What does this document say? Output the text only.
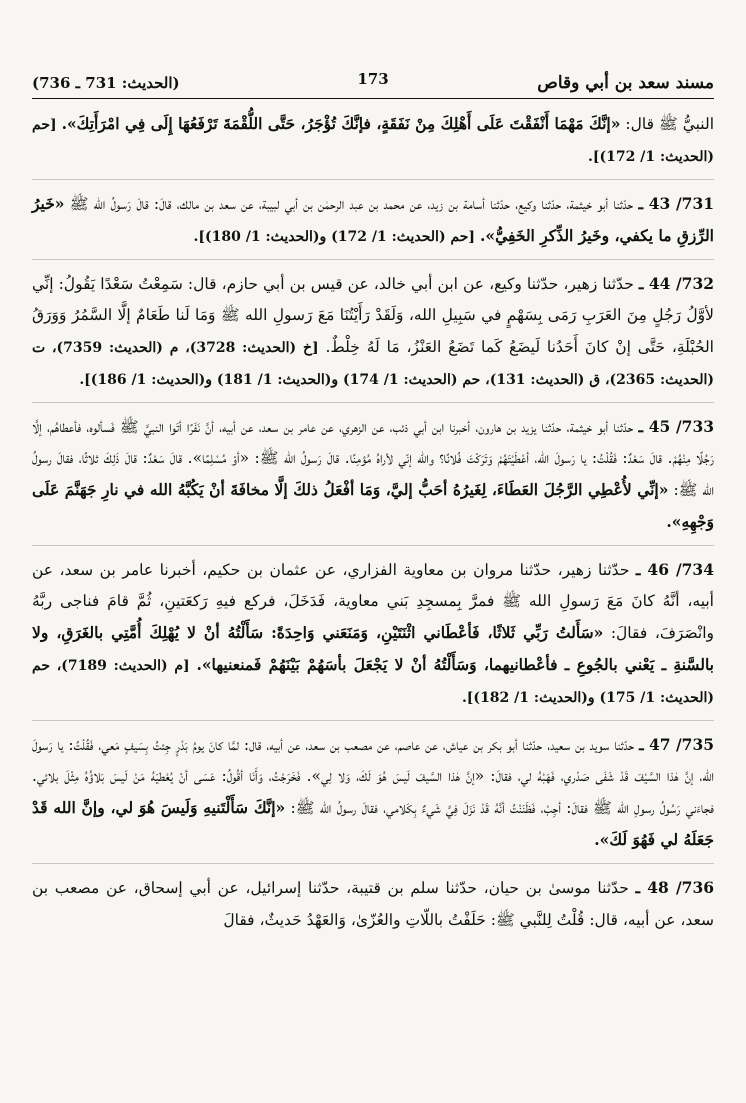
مسند سعد بن أبي وقاص
173
(الحديث: 731 ـ 736)

النبيُّ ﷺ قال: «إنَّكَ مَهْمَا أَنْفَقْتَ عَلَى أَهْلِكَ مِنْ نَفَقَةٍ، فإنَّكَ تُؤْجَرُ، حَتَّى اللُّقْمَةَ تَرْفَعُهَا إِلَى فِي امْرَأَتِكَ». [حم (الحديث: 1/ 172)].

731/ 43 ـ حدّثنا أبو خيثمة، حدّثنا وكيع، حدّثنا أسامة بن زيد، عن محمد بن عبد الرحمٰن بن أبي لبيبة، عن سعد بن مالك، قالَ: قالَ رَسولُ الله ﷺ «خَيرُ الرِّزقِ ما يكفي، وخَيرُ الذِّكرِ الخَفِيُّ». [حم (الحديث: 1/ 172) و(الحديث: 1/ 180)].

732/ 44 ـ حدّثنا زهير، حدّثنا وكيع، عن ابن أبي خالد، عن قيس بن أبي حازم، قال: سَمِعْتُ سَعْدًا يَقُولُ: إنِّي لأوَّلُ رَجُلٍ مِنَ العَرَبِ رَمَى بِسَهْمٍ في سَبِيلِ الله، وَلَقَدْ رَأَيْتُنَا مَعَ رَسولِ الله ﷺ وَمَا لَنا طَعَامٌ إلَّا السَّمُرُ وَوَرَقُ الحُبْلَةِ، حَتَّى إنْ كانَ أَحَدُنا لَيضَعُ كَما تَضَعُ العَنْزُ، مَا لَهُ خِلْطٌ. [خ (الحديث: 3728)، م (الحديث: 7359)، ت (الحديث: 2365)، ق (الحديث: 131)، حم (الحديث: 1/ 174) و(الحديث: 1/ 181) و(الحديث: 1/ 186)].

733/ 45 ـ حدّثنا أبو خيثمة، حدّثنا يزيد بن هارون، أخبرنا ابن أبي ذئب، عن الزهري، عن عامر بن سعد، عن أبيه، أنَّ نَفَرًا أتَوا النبيَّ ﷺ فَسألوه، فأعطاهُم، إلَّا رَجُلًا مِنْهُمْ. قالَ سَعْدٌ: فَقُلْتُ: يا رَسولَ الله، أعْطَيْتَهُمْ وَتَرَكْتَ فُلانًا؟ والله إنّي لأراهُ مُؤمِنًا. قالَ رَسولُ الله ﷺ: «أوْ مُسْلِمًا». قالَ سَعْدٌ: قالَ ذَلِكَ ثلاثًا، فقالَ رسولُ الله ﷺ: «إنِّي لأُعْطِي الرَّجُلَ العَطَاءَ، لِغَيرُهُ أحَبُّ إليَّ، وَمَا أفْعَلُ ذلكَ إلَّا مخافَةَ أنْ يَكُبَّهُ الله في نارِ جَهَنَّمَ عَلَى وَجْهِهِ».

734/ 46 ـ حدّثنا زهير، حدّثنا مروان بن معاوية الفزاري، عن عثمان بن حكيم، أخبرنا عامر بن سعد، عن أبيه، أنَّهُ كانَ مَعَ رَسولِ الله ﷺ فمرَّ بِمسجِدِ بَني معاوية، فَدَخَلَ، فركع فيهِ رَكعَتينِ، ثُمَّ قامَ فناجى ربَّهُ وانْصَرَفَ، فقالَ: «سَأَلتُ رَبِّي ثَلاثًا، فَأعْطَاني اثْنَتَيْنِ، وَمَنَعَني وَاحِدَةً: سَأَلْتُهُ أنْ لا يُهْلِكَ أُمَّتِي بالغَرَقِ، ولا بالسَّنةِ ـ يَعْني بالجُوعِ ـ فأعْطانيهما، وَسَأَلْتُهُ أنْ لا يَجْعَلَ بأسَهُمْ بَيْنَهُمْ فَمنعنيها». [م (الحديث: 7189)، حم (الحديث: 1/ 175) و(الحديث: 1/ 182)].

735/ 47 ـ حدّثنا سويد بن سعيد، حدّثنا أبو بكر بن عياش، عن عاصم، عن مصعب بن سعد، عن أبيه، قال: لمَّا كانَ يومُ بَدْرٍ جِئتُ بِسَيفٍ مَعي، فَقُلْتُ: يا رَسولَ الله، إنَّ هٰذا السَّيْفَ قَدْ شَفَى صَدْري، فَهَبْهُ لي، فقالَ: «إنَّ هٰذا السَّيفَ لَيسَ هُوَ لَكَ، وَلا لِي». فَخَرَجْتُ، وَأَنَا أقُولُ: عَسَى أنْ يُعْطيَهُ مَنْ لَيسَ بَلاؤُهُ مِثْلَ بلائي. فجاءَني رَسُولُ رسولِ الله ﷺ فقالَ: أجِبْ، فَظَنَنْتُ أنَّهُ قَدْ نَزَلَ فِيَّ شَيءٌ بِكَلامي، فقالَ رسولُ الله ﷺ: «إنَّكَ سَأَلْتَنيهِ وَلَيسَ هُوَ لي، وإنَّ الله قَدْ جَعَلَهُ لي فَهُوَ لَكَ».

736/ 48 ـ حدّثنا موسىٰ بن حيان، حدّثنا سلم بن قتيبة، حدّثنا إسرائيل، عن أبي إسحاق، عن مصعب بن سعد، عن أبيه، قال: قُلْتُ لِلنَّبي ﷺ: حَلَفْتُ باللّاتِ والعُزّىٰ، وَالعَهْدُ حَديثٌ، فقالَ
